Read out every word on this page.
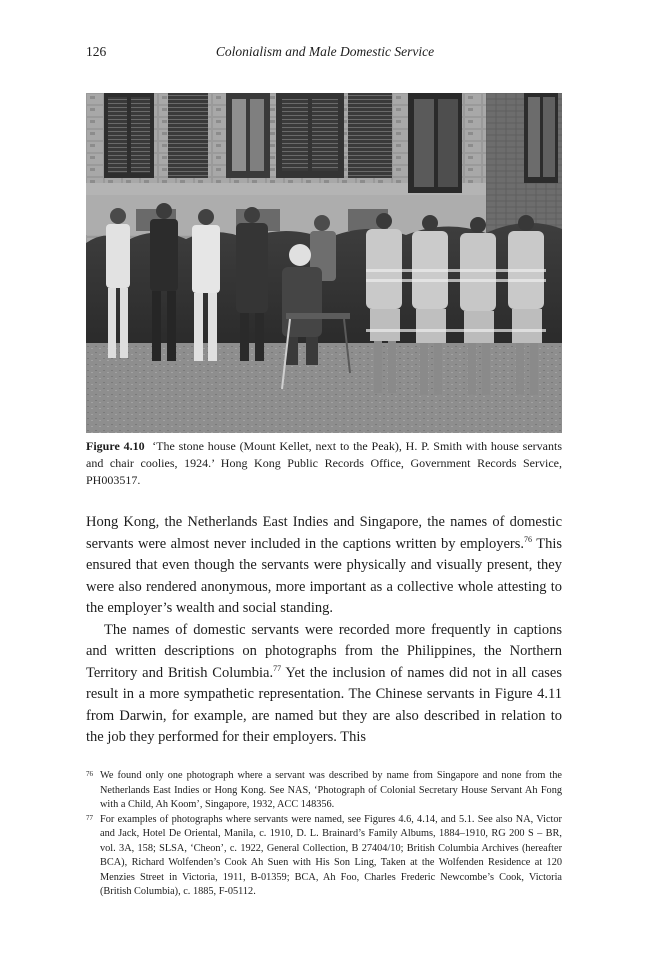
126	Colonialism and Male Domestic Service
Figure 4.10 ‘The stone house (Mount Kellet, next to the Peak), H. P. Smith with house servants and chair coolies, 1924.’ Hong Kong Public Records Office, Government Records Service, PH003517.

Hong Kong, the Netherlands East Indies and Singapore, the names of domestic servants were almost never included in the captions written by employers.$^{76}$ This ensured that even though the servants were physically and visually present, they were also rendered anonymous, more important as a collective whole attesting to the employer’s wealth and social standing.

The names of domestic servants were recorded more frequently in captions and written descriptions on photographs from the Philippines, the Northern Territory and British Columbia.$^{77}$ Yet the inclusion of names did not in all cases result in a more sympathetic representation. The Chinese servants in Figure 4.11 from Darwin, for example, are named but they are also described in relation to the job they performed for their employers. This

76 We found only one photograph where a servant was described by name from Singapore and none from the Netherlands East Indies or Hong Kong. See NAS, ‘Photograph of Colonial Secretary House Servant Ah Fong with a Child, Ah Koom’, Singapore, 1932, ACC 148356.
77 For examples of photographs where servants were named, see Figures 4.6, 4.14, and 5.1. See also NA, Victor and Jack, Hotel De Oriental, Manila, c. 1910, D. L. Brainard’s Family Albums, 1884–1910, RG 200 S – BR, vol. 3A, 158; SLSA, ‘Cheon’, c. 1922, General Collection, B 27404/10; British Columbia Archives (hereafter BCA), Richard Wolfenden’s Cook Ah Suen with His Son Ling, Taken at the Wolfenden Residence at 120 Menzies Street in Victoria, 1911, B-01359; BCA, Ah Foo, Charles Frederic Newcombe’s Cook, Victoria (British Columbia), c. 1885, F-05112.
